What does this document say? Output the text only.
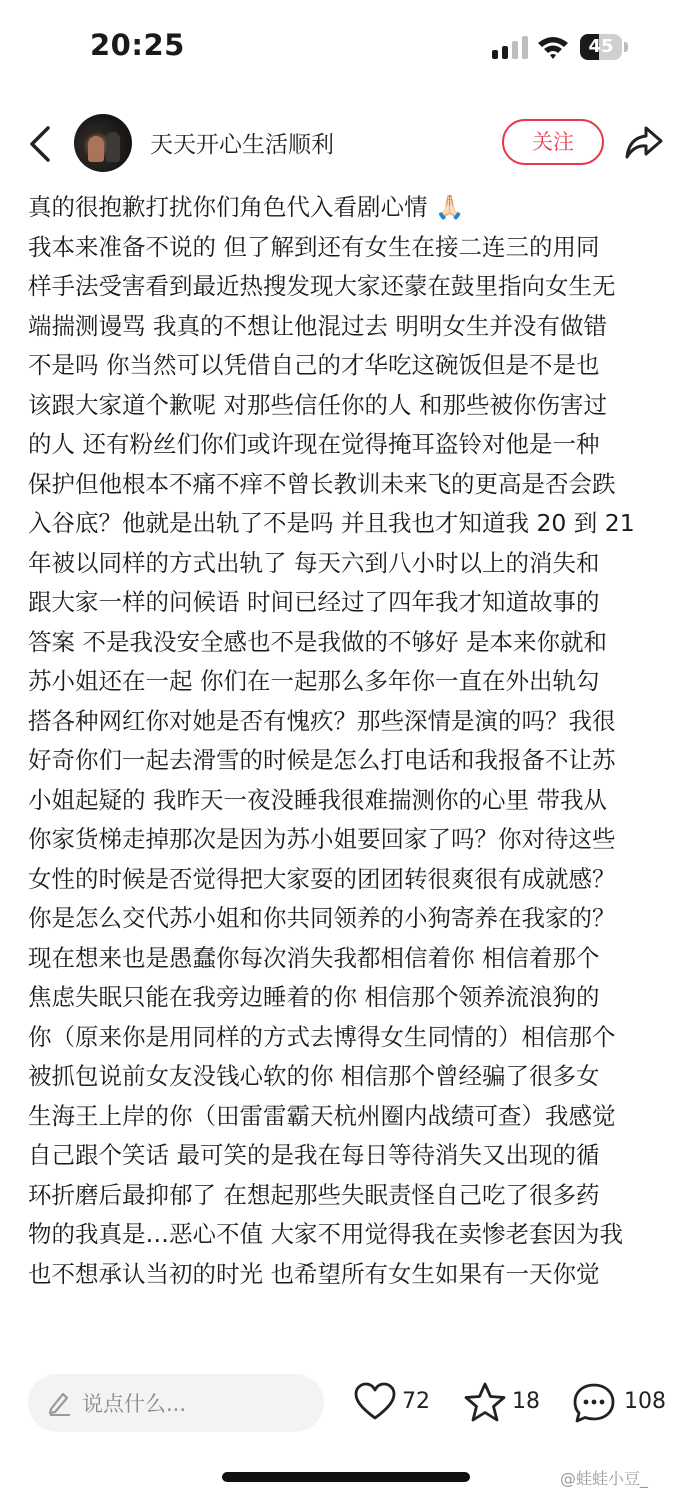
20:25	45
天天开心生活顺利	关注

真的很抱歉打扰你们角色代入看剧心情 🙏🏻

我本来准备不说的 但了解到还有女生在接二连三的用同

样手法受害看到最近热搜发现大家还蒙在鼓里指向女生无

端揣测谩骂 我真的不想让他混过去 明明女生并没有做错

不是吗 你当然可以凭借自己的才华吃这碗饭但是不是也

该跟大家道个歉呢 对那些信任你的人 和那些被你伤害过

的人 还有粉丝们你们或许现在觉得掩耳盗铃对他是一种

保护但他根本不痛不痒不曾长教训未来飞的更高是否会跌

入谷底？他就是出轨了不是吗 并且我也才知道我 20 到 21

年被以同样的方式出轨了 每天六到八小时以上的消失和

跟大家一样的问候语 时间已经过了四年我才知道故事的

答案 不是我没安全感也不是我做的不够好 是本来你就和

苏小姐还在一起 你们在一起那么多年你一直在外出轨勾

搭各种网红你对她是否有愧疚？那些深情是演的吗？我很

好奇你们一起去滑雪的时候是怎么打电话和我报备不让苏

小姐起疑的 我昨天一夜没睡我很难揣测你的心里 带我从

你家货梯走掉那次是因为苏小姐要回家了吗？你对待这些

女性的时候是否觉得把大家耍的团团转很爽很有成就感？

你是怎么交代苏小姐和你共同领养的小狗寄养在我家的？

现在想来也是愚蠢你每次消失我都相信着你 相信着那个

焦虑失眠只能在我旁边睡着的你 相信那个领养流浪狗的

你（原来你是用同样的方式去博得女生同情的）相信那个

被抓包说前女友没钱心软的你 相信那个曾经骗了很多女

生海王上岸的你（田雷雷霸天杭州圈内战绩可查）我感觉

自己跟个笑话 最可笑的是我在每日等待消失又出现的循

环折磨后最抑郁了 在想起那些失眠责怪自己吃了很多药

物的我真是…恶心不值 大家不用觉得我在卖惨老套因为我

也不想承认当初的时光 也希望所有女生如果有一天你觉

说点什么...	72	18	108
@蛙蛙小豆_
